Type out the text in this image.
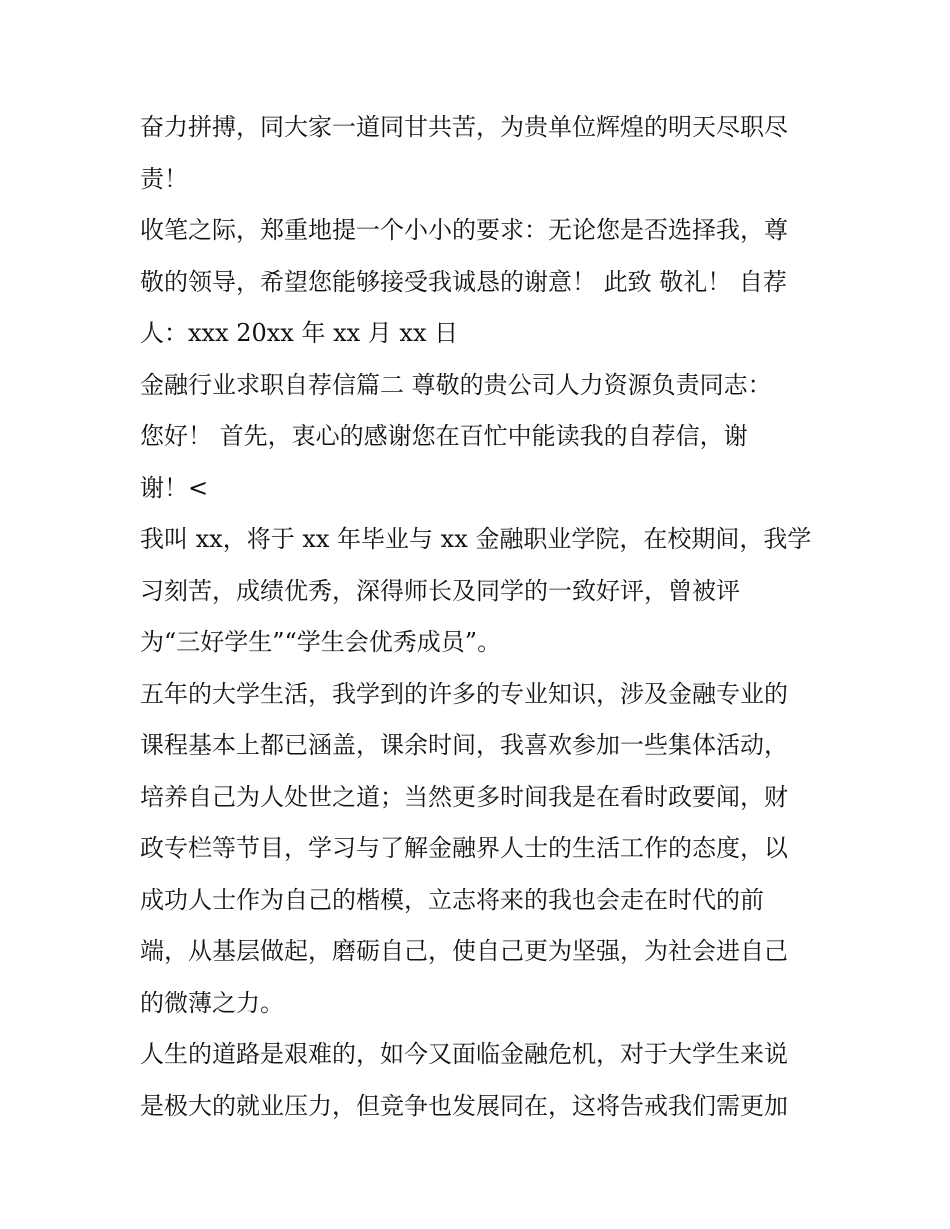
奋力拼搏，同大家一道同甘共苦，为贵单位辉煌的明天尽职尽
责！
收笔之际，郑重地提一个小小的要求：无论您是否选择我，尊
敬的领导，希望您能够接受我诚恳的谢意！ 此致 敬礼！ 自荐
人：xxx 20xx 年 xx 月 xx 日
金融行业求职自荐信篇二 尊敬的贵公司人力资源负责同志：
您好！ 首先，衷心的感谢您在百忙中能读我的自荐信，谢
谢！<
我叫 xx，将于 xx 年毕业与 xx 金融职业学院，在校期间，我学
习刻苦，成绩优秀，深得师长及同学的一致好评，曾被评
为“三好学生”“学生会优秀成员”。
五年的大学生活，我学到的许多的专业知识，涉及金融专业的
课程基本上都已涵盖，课余时间，我喜欢参加一些集体活动，
培养自己为人处世之道；当然更多时间我是在看时政要闻，财
政专栏等节目，学习与了解金融界人士的生活工作的态度，以
成功人士作为自己的楷模，立志将来的我也会走在时代的前
端，从基层做起，磨砺自己，使自己更为坚强，为社会进自己
的微薄之力。
人生的道路是艰难的，如今又面临金融危机，对于大学生来说
是极大的就业压力，但竞争也发展同在，这将告戒我们需更加
